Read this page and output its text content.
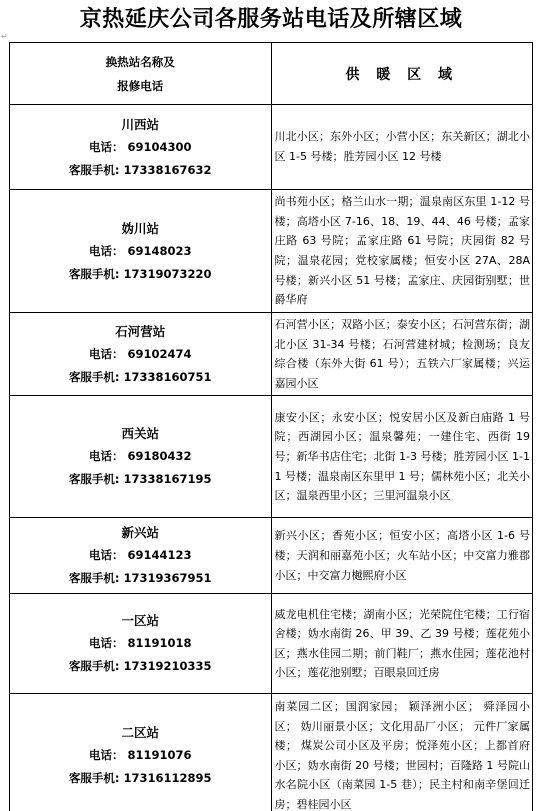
京热延庆公司各服务站电话及所辖区域
↵
换热站名称及
报修电话	供 暖 区 域

川西站
电话： 69104300
客服手机: 17338167632	川北小区；东外小区；小营小区；东关新区；湖北小区 1-5 号楼；胜芳园小区 12 号楼

妫川站
电话： 69148023
客服手机: 17319073220	尚书苑小区；格兰山水一期；温泉南区东里 1-12 号楼；高塔小区 7-16、18、19、44、46 号楼；孟家庄路 63 号院；孟家庄路 61 号院；庆园街 82 号院；温泉花园；党校家属楼；恒安小区 27A、28A 号楼；新兴小区 51 号楼；孟家庄、庆园街别墅；世爵华府

石河营站
电话： 69102474
客服手机: 17338160751	石河营小区；双路小区；泰安小区；石河营东街；湖北小区 31-34 号楼；石河营建材城；检测场；良友综合楼（东外大街 61 号）；五铁六厂家属楼；兴运嘉园小区

西关站
电话： 69180432
客服手机: 17338167195	康安小区；永安小区；悦安居小区及新白庙路 1 号院；西湖园小区；温泉馨苑；一建住宅、西街 19 号；新华书店住宅；北街 1-3 号楼；胜芳园小区 1-11 号楼；温泉南区东里甲 1 号；儒林苑小区；北关小区；温泉西里小区；三里河温泉小区

新兴站
电话： 69144123
客服手机: 17319367951	新兴小区；香苑小区；恒安小区；高塔小区 1-6 号楼；天润和丽嘉苑小区；火车站小区；中交富力雅郡小区；中交富力樾熙府小区

一区站
电话： 81191018
客服手机: 17319210335	威龙电机住宅楼；湖南小区；光荣院住宅楼；工行宿舍楼；妫水南街 26、甲 39、乙 39 号楼；莲花苑小区；燕水佳园二期；前门鞋厂；燕水佳园；莲花池村小区；莲花池别墅；百眼泉回迁房

二区站
电话： 81191076
客服手机: 17316112895	南菜园二区；国润家园； 颖泽洲小区； 舜泽园小区； 妫川丽景小区；文化用品厂小区； 元件厂家属楼； 煤炭公司小区及平房；悦泽苑小区；上都首府小区；妫水南街 20 号楼；世园村；百隆路 1 号院山水名院小区（南菜园 1-5 巷）；民主村和南辛堡回迁房；碧桂园小区
